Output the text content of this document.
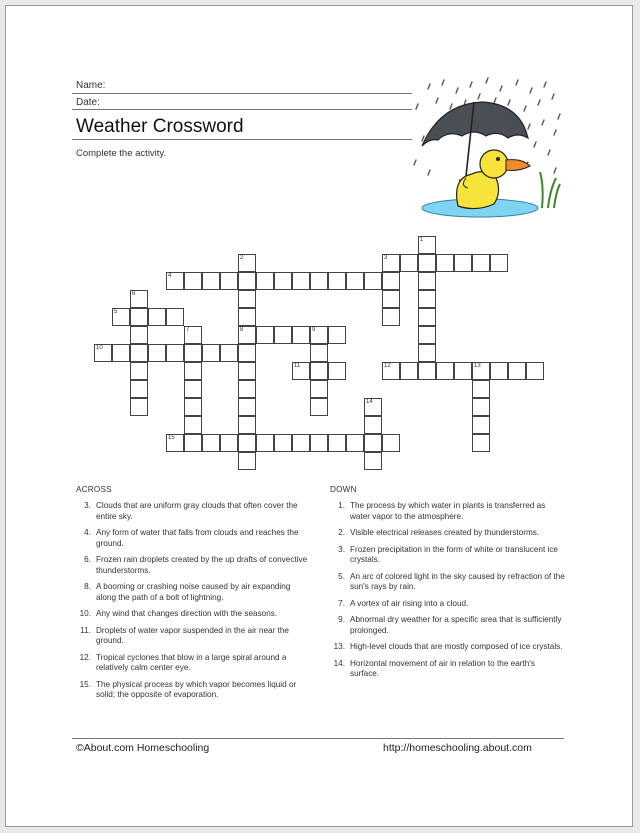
Name:
Date:
Weather Crossword
Complete the activity.
1
2
8
3
4
6
5
7	9
10
11	12	13
14
15
ACROSS
3. Clouds that are uniform gray clouds that often cover the entire sky.
4. Any form of water that falls from clouds and reaches the ground.
6. Frozen rain droplets created by the up drafts of convective thunderstorms.
8. A booming or crashing noise caused by air expanding along the path of a bolt of lightning.
10. Any wind that changes direction with the seasons.
11. Droplets of water vapor suspended in the air near the ground.
12. Tropical cyclones that blow in a large spiral around a relatively calm center eye.
15. The physical process by which vapor becomes liquid or solid; the opposite of evaporation.
DOWN
1. The process by which water in plants is transferred as water vapor to the atmosphere.
2. Visible electrical releases created by thunderstorms.
3. Frozen precipitation in the form of white or translucent ice crystals.
5. An arc of colored light in the sky caused by refraction of the sun's rays by rain.
7. A vortex of air rising into a cloud.
9. Abnormal dry weather for a specific area that is sufficiently prolonged.
13. High-level clouds that are mostly composed of ice crystals.
14. Horizontal movement of air in relation to the earth's surface.
©About.com Homeschooling	http://homeschooling.about.com
